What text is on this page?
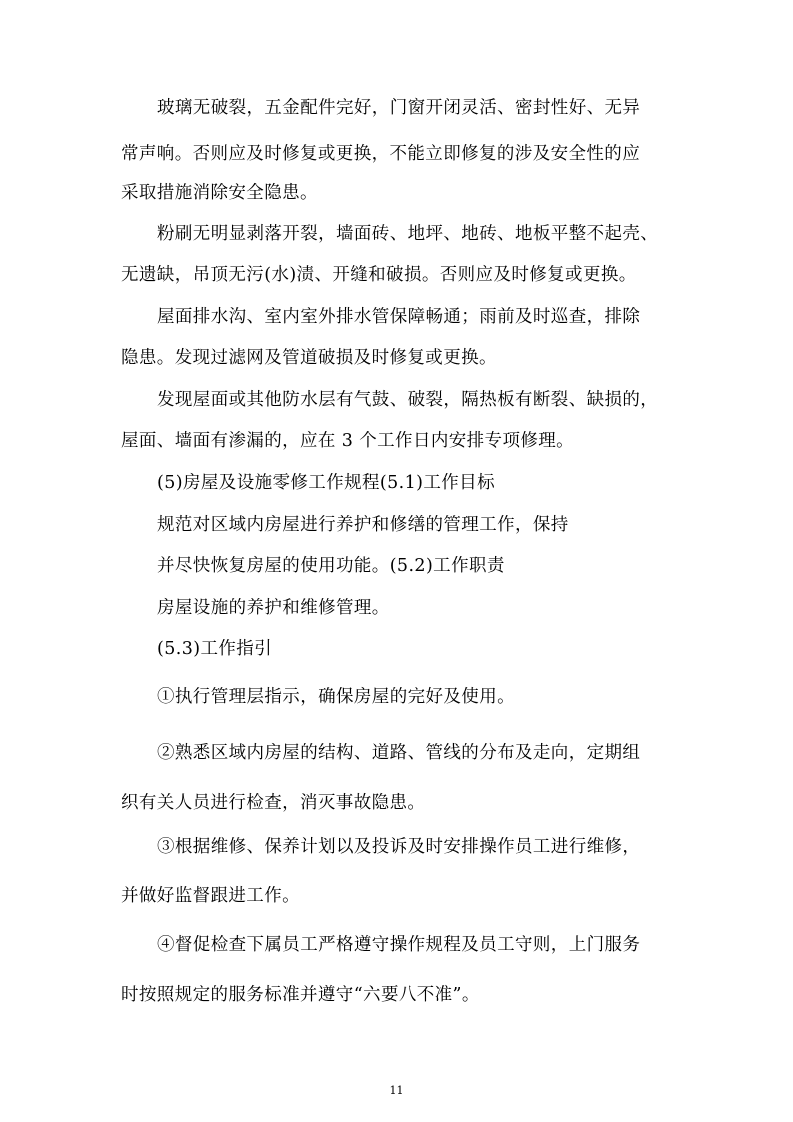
玻璃无破裂，五金配件完好，门窗开闭灵活、密封性好、无异
常声响。否则应及时修复或更换，不能立即修复的涉及安全性的应
采取措施消除安全隐患。
粉刷无明显剥落开裂，墙面砖、地坪、地砖、地板平整不起壳、
无遗缺，吊顶无污(水)渍、开缝和破损。否则应及时修复或更换。
屋面排水沟、室内室外排水管保障畅通；雨前及时巡查，排除
隐患。发现过滤网及管道破损及时修复或更换。
发现屋面或其他防水层有气鼓、破裂，隔热板有断裂、缺损的，
屋面、墙面有渗漏的，应在 3 个工作日内安排专项修理。
(5)房屋及设施零修工作规程(5.1)工作目标
规范对区域内房屋进行养护和修缮的管理工作，保持
并尽快恢复房屋的使用功能。(5.2)工作职责
房屋设施的养护和维修管理。
(5.3)工作指引
①执行管理层指示，确保房屋的完好及使用。
②熟悉区域内房屋的结构、道路、管线的分布及走向，定期组
织有关人员进行检查，消灭事故隐患。
③根据维修、保养计划以及投诉及时安排操作员工进行维修，
并做好监督跟进工作。
④督促检查下属员工严格遵守操作规程及员工守则，上门服务
时按照规定的服务标准并遵守“六要八不准”。
11
